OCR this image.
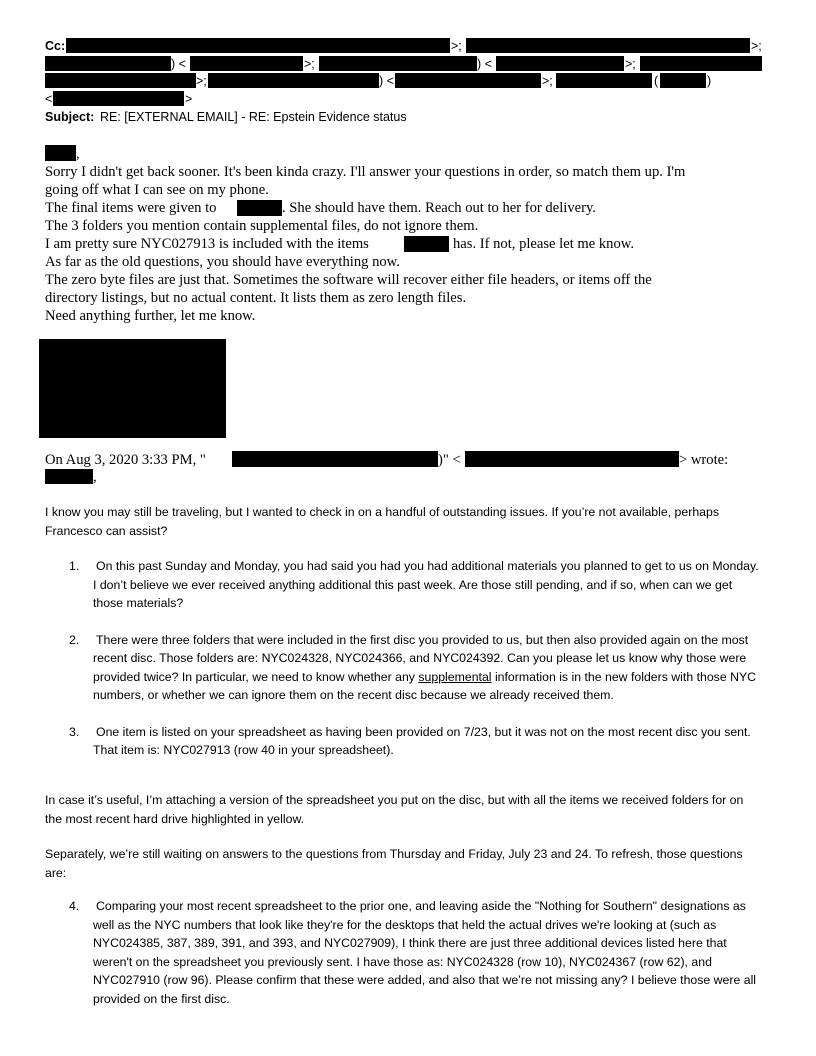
Cc:	>;	>;
) <	>;	) <	>;
>;	) <	>;	(	)
<	>
Subject: RE: [EXTERNAL EMAIL] - RE: Epstein Evidence status
,
Sorry I didn't get back sooner. It's been kinda crazy. I'll answer your questions in order, so match them up. I'm
going off what I can see on my phone.
The final items were given to	. She should have them. Reach out to her for delivery.
The 3 folders you mention contain supplemental files, do not ignore them.
I am pretty sure NYC027913 is included with the items	has. If not, please let me know.
As far as the old questions, you should have everything now.
The zero byte files are just that. Sometimes the software will recover either file headers, or items off the
directory listings, but no actual content. It lists them as zero length files.
Need anything further, let me know.
On Aug 3, 2020 3:33 PM, "	)" <	> wrote:
,

I know you may still be traveling, but I wanted to check in on a handful of outstanding issues. If you’re not available, perhaps Francesco can assist?

1. On this past Sunday and Monday, you had said you had you had additional materials you planned to get to us on Monday. I don’t believe we ever received anything additional this past week. Are those still pending, and if so, when can we get those materials?
2. There were three folders that were included in the first disc you provided to us, but then also provided again on the most recent disc. Those folders are: NYC024328, NYC024366, and NYC024392. Can you please let us know why those were provided twice? In particular, we need to know whether any supplemental information is in the new folders with those NYC numbers, or whether we can ignore them on the recent disc because we already received them.
3. One item is listed on your spreadsheet as having been provided on 7/23, but it was not on the most recent disc you sent. That item is: NYC027913 (row 40 in your spreadsheet).

In case it’s useful, I’m attaching a version of the spreadsheet you put on the disc, but with all the items we received folders for on the most recent hard drive highlighted in yellow.

Separately, we’re still waiting on answers to the questions from Thursday and Friday, July 23 and 24. To refresh, those questions are:

4. Comparing your most recent spreadsheet to the prior one, and leaving aside the "Nothing for Southern" designations as well as the NYC numbers that look like they're for the desktops that held the actual drives we're looking at (such as NYC024385, 387, 389, 391, and 393, and NYC027909), I think there are just three additional devices listed here that weren't on the spreadsheet you previously sent. I have those as: NYC024328 (row 10), NYC024367 (row 62), and NYC027910 (row 96). Please confirm that these were added, and also that we’re not missing any? I believe those were all provided on the first disc.
